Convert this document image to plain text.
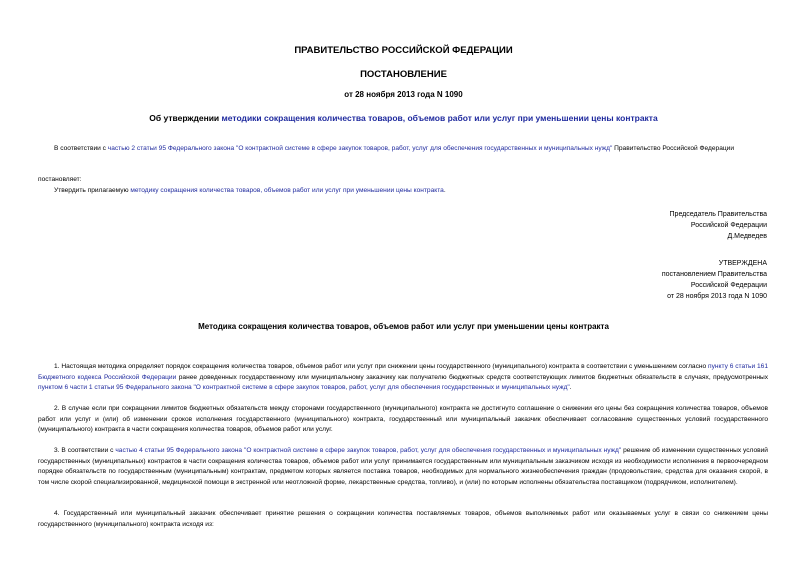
ПРАВИТЕЛЬСТВО РОССИЙСКОЙ ФЕДЕРАЦИИ
ПОСТАНОВЛЕНИЕ
от 28 ноября 2013 года N 1090
Об утверждении методики сокращения количества товаров, объемов работ или услуг при уменьшении цены контракта
В соответствии с частью 2 статьи 95 Федерального закона "О контрактной системе в сфере закупок товаров, работ, услуг для обеспечения государственных и муниципальных нужд" Правительство Российской Федерации
постановляет:
Утвердить прилагаемую методику сокращения количества товаров, объемов работ или услуг при уменьшении цены контракта.
Председатель Правительства
Российской Федерации
Д.Медведев
УТВЕРЖДЕНА
постановлением Правительства
Российской Федерации
от 28 ноября 2013 года N 1090
Методика сокращения количества товаров, объемов работ или услуг при уменьшении цены контракта
1. Настоящая методика определяет порядок сокращения количества товаров, объемов работ или услуг при снижении цены государственного (муниципального) контракта в соответствии с уменьшением согласно пункту 6 статьи 161 Бюджетного кодекса Российской Федерации ранее доведенных государственному или муниципальному заказчику как получателю бюджетных средств соответствующих лимитов бюджетных обязательств в случаях, предусмотренных пунктом 6 части 1 статьи 95 Федерального закона "О контрактной системе в сфере закупок товаров, работ, услуг для обеспечения государственных и муниципальных нужд".
2. В случае если при сокращении лимитов бюджетных обязательств между сторонами государственного (муниципального) контракта не достигнуто соглашение о снижении его цены без сокращения количества товаров, объемов работ или услуг и (или) об изменении сроков исполнения государственного (муниципального) контракта, государственный или муниципальный заказчик обеспечивает согласование существенных условий государственного (муниципального) контракта в части сокращения количества товаров, объемов работ или услуг.
3. В соответствии с частью 4 статьи 95 Федерального закона "О контрактной системе в сфере закупок товаров, работ, услуг для обеспечения государственных и муниципальных нужд" решение об изменении существенных условий государственных (муниципальных) контрактов в части сокращения количества товаров, объемов работ или услуг принимается государственным или муниципальным заказчиком исходя из необходимости исполнения в первоочередном порядке обязательств по государственным (муниципальным) контрактам, предметом которых является поставка товаров, необходимых для нормального жизнеобеспечения граждан (продовольствие, средства для оказания скорой, в том числе скорой специализированной, медицинской помощи в экстренной или неотложной форме, лекарственные средства, топливо), и (или) по которым исполнены обязательства поставщиком (подрядчиком, исполнителем).
4. Государственный или муниципальный заказчик обеспечивает принятие решения о сокращении количества поставляемых товаров, объемов выполняемых работ или оказываемых услуг в связи со снижением цены государственного (муниципального) контракта исходя из:
